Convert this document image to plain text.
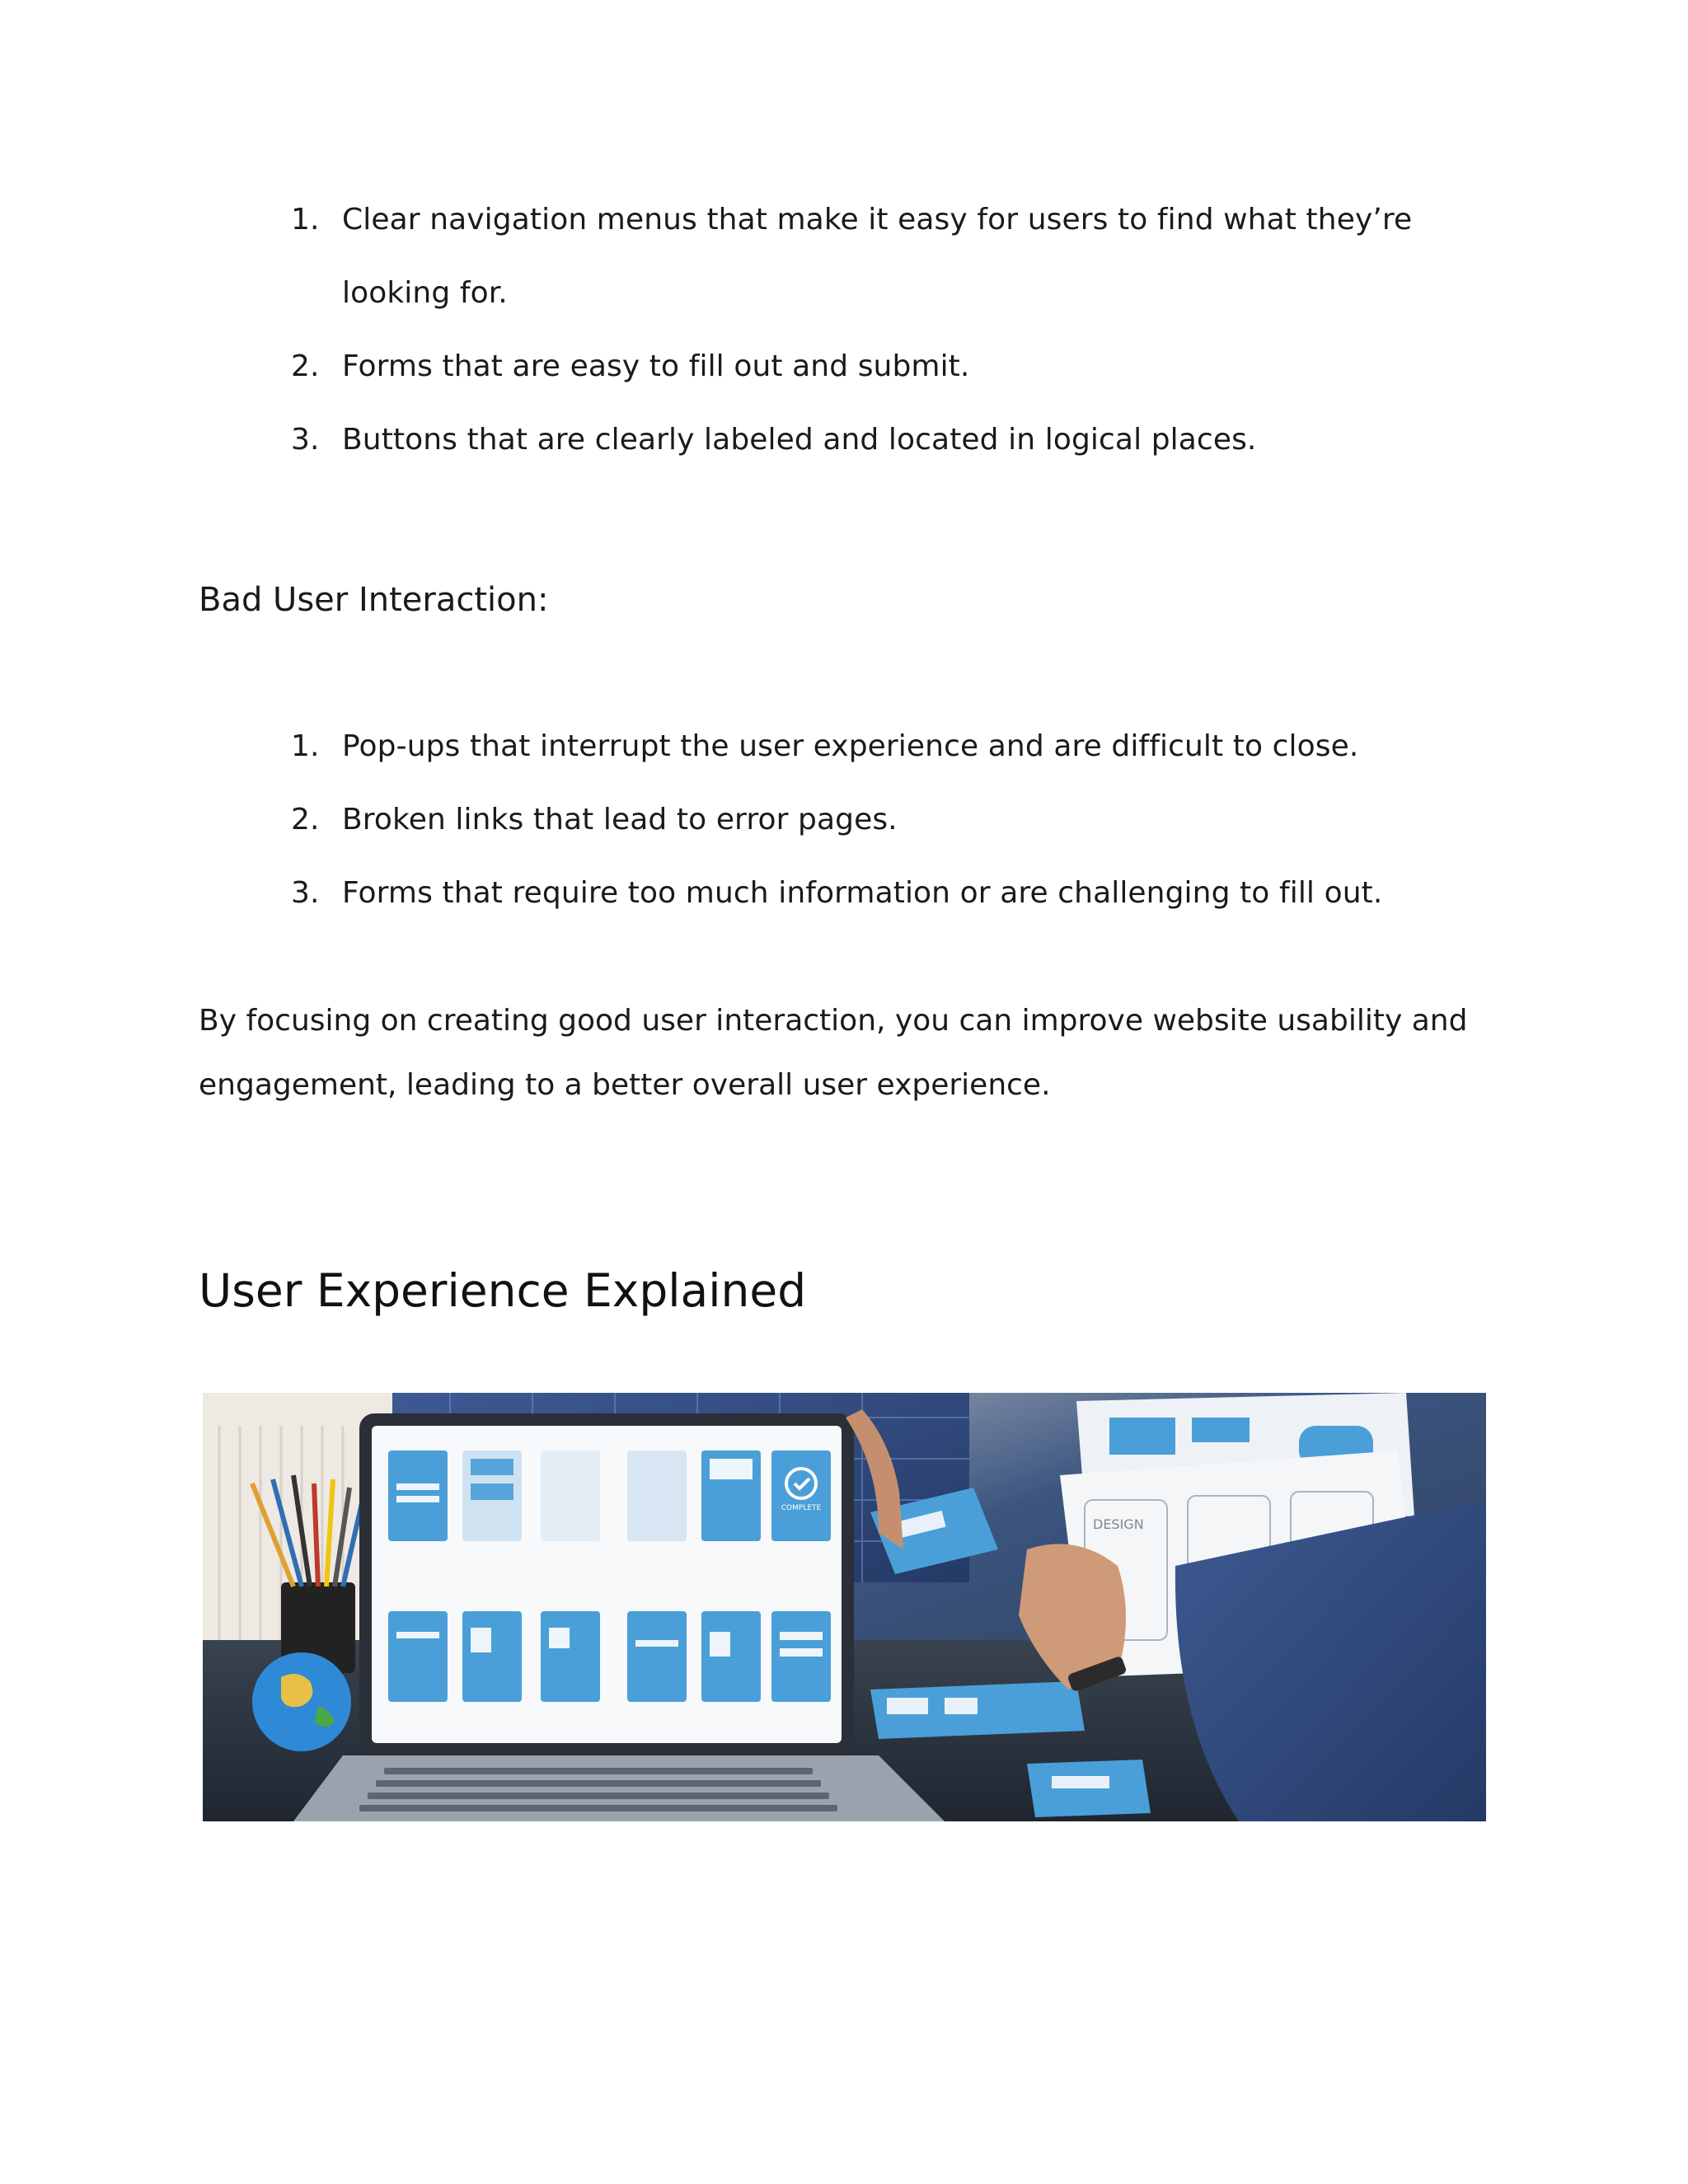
1. Clear navigation menus that make it easy for users to find what they’re looking for.
2. Forms that are easy to fill out and submit.
3. Buttons that are clearly labeled and located in logical places.
Bad User Interaction:
1. Pop-ups that interrupt the user experience and are difficult to close.
2. Broken links that lead to error pages.
3. Forms that require too much information or are challenging to fill out.

By focusing on creating good user interaction, you can improve website usability and engagement, leading to a better overall user experience.

User Experience Explained
COMPLETE
DESIGN
